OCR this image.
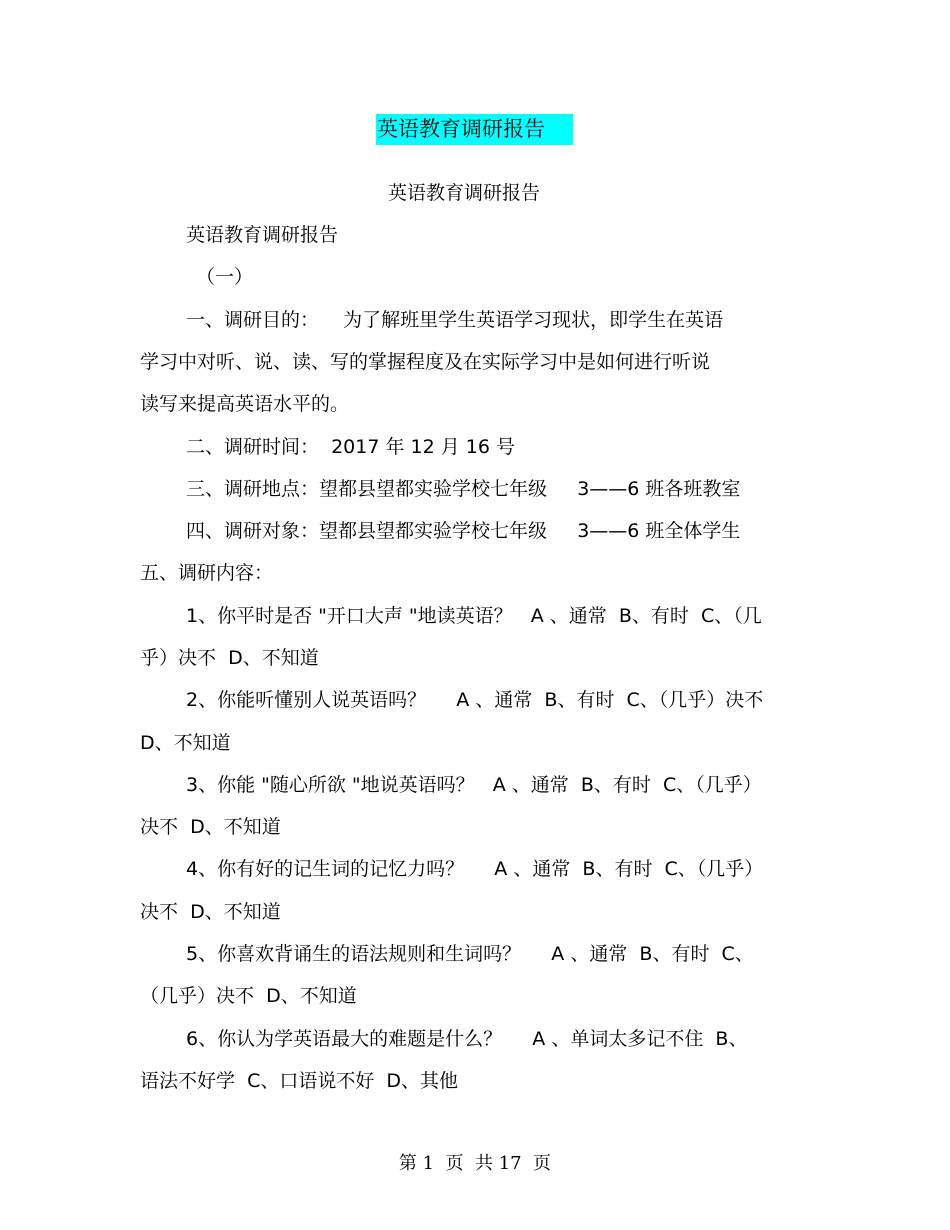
英语教育调研报告
英语教育调研报告
英语教育调研报告
（一）
一、调研目的：    为了解班里学生英语学习现状，即学生在英语
学习中对听、说、读、写的掌握程度及在实际学习中是如何进行听说
读写来提高英语水平的。
二、调研时间：  2017 年 12 月 16 号
三、调研地点：望都县望都实验学校七年级     3——6 班各班教室
四、调研对象：望都县望都实验学校七年级     3——6 班全体学生
五、调研内容：
1、你平时是否 "开口大声 "地读英语？   A 、通常  B、有时  C、（几
乎）决不  D、不知道
2、你能听懂别人说英语吗？     A 、通常  B、有时  C、（几乎）决不
D、不知道
3、你能 "随心所欲 "地说英语吗？   A 、通常  B、有时  C、（几乎）
决不  D、不知道
4、你有好的记生词的记忆力吗？     A 、通常  B、有时  C、（几乎）
决不  D、不知道
5、你喜欢背诵生的语法规则和生词吗？     A 、通常  B、有时  C、
（几乎）决不  D、不知道
6、你认为学英语最大的难题是什么？     A 、单词太多记不住  B、
语法不好学  C、口语说不好  D、其他
第 1  页  共 17  页
